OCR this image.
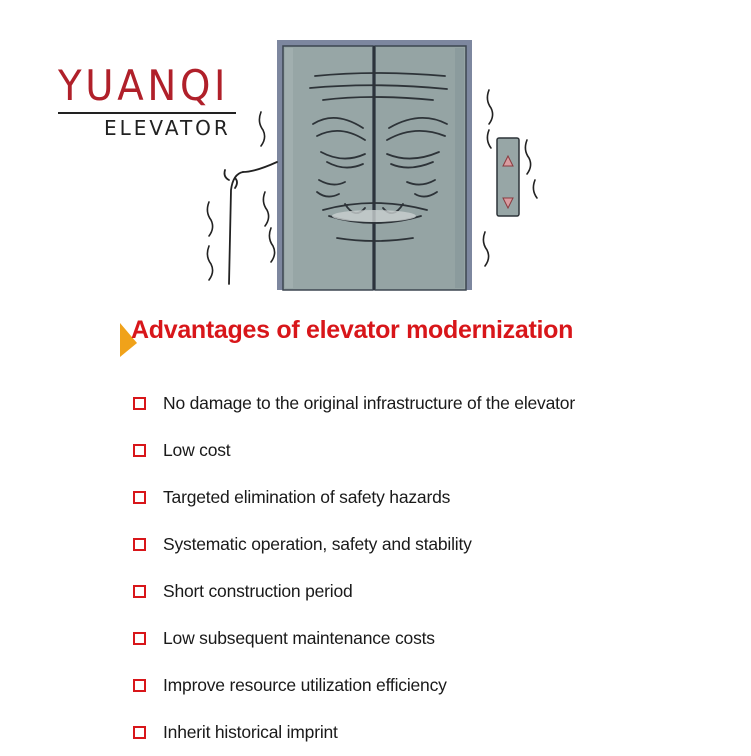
YUANQI
ELEVATOR
Advantages of elevator modernization
No damage to the original infrastructure of the elevator
Low cost
Targeted elimination of safety hazards
Systematic operation, safety and stability
Short construction period
Low subsequent maintenance costs
Improve resource utilization efficiency
Inherit historical imprint
